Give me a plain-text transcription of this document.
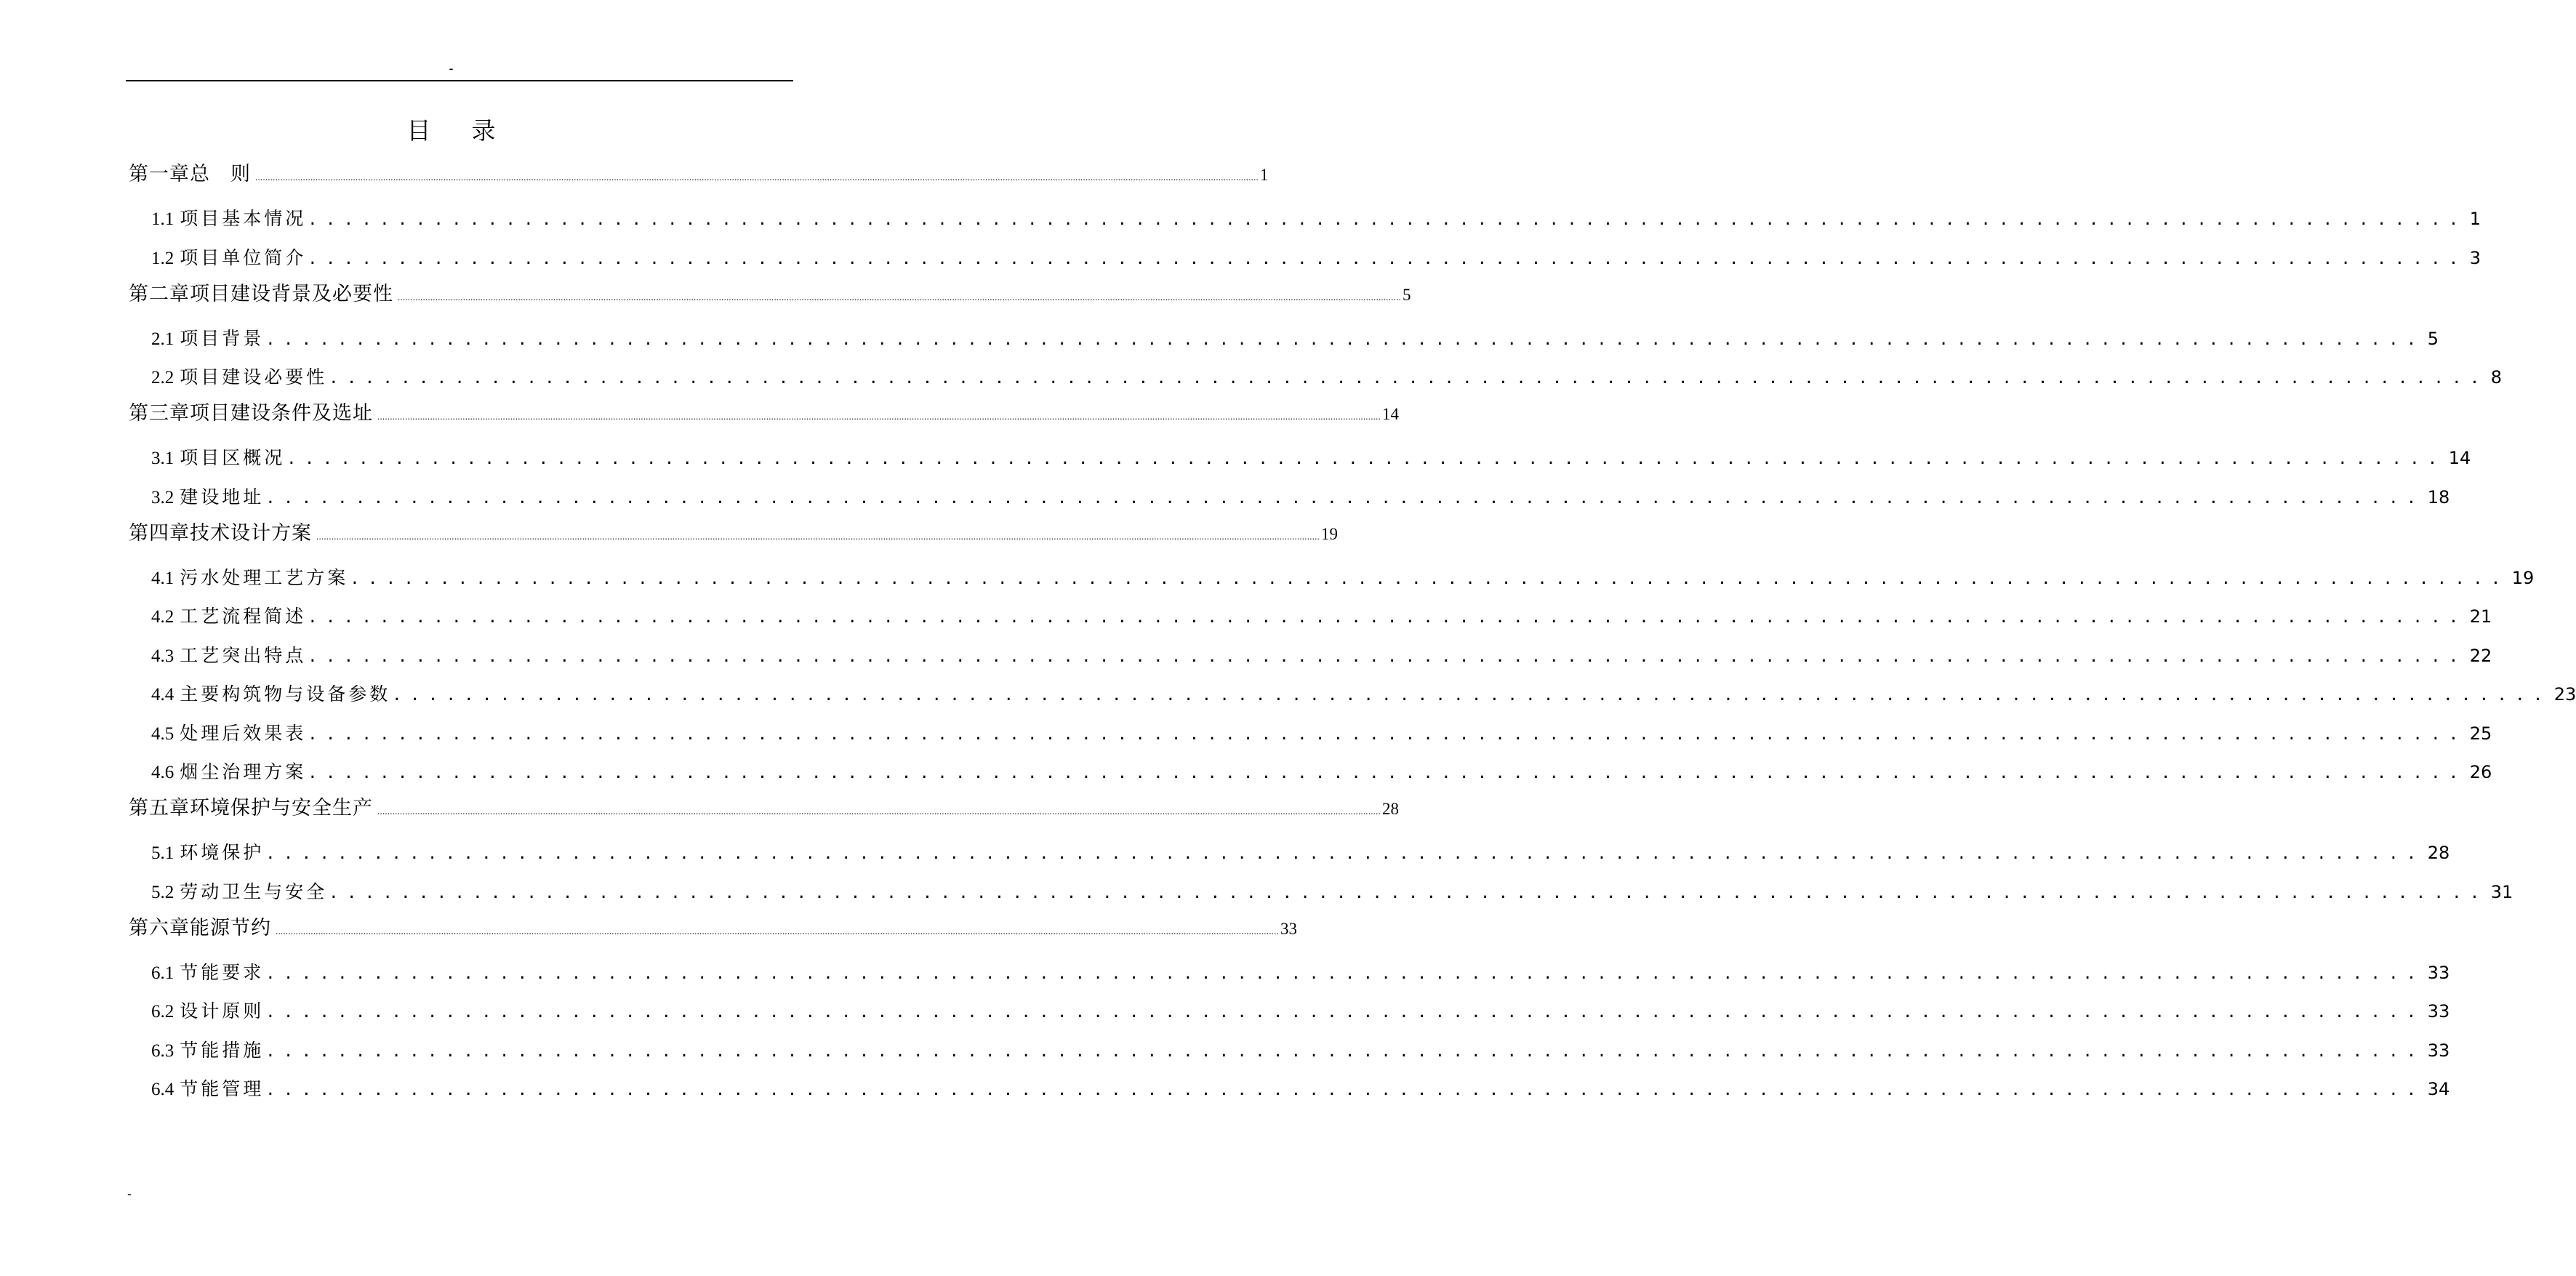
-
目录
第一章 总　则 ................................................................................................................................................................................................................................................................................................................................................................................................................ 1
1.1 项目基本情况 ........................................................................................................................ 1
1.2 项目单位简介 ........................................................................................................................ 3
第二章 项目建设背景及必要性 ................................................................................................................................................................................................................................................................................................................................................................................................................ 5
2.1 项目背景 ........................................................................................................................ 5
2.2 项目建设必要性 ........................................................................................................................ 8
第三章 项目建设条件及选址 ................................................................................................................................................................................................................................................................................................................................................................................................................ 14
3.1 项目区概况 ........................................................................................................................ 14
3.2 建设地址 ........................................................................................................................ 18
第四章 技术设计方案 ................................................................................................................................................................................................................................................................................................................................................................................................................ 19
4.1 污水处理工艺方案 ........................................................................................................................ 19
4.2 工艺流程简述 ........................................................................................................................ 21
4.3 工艺突出特点 ........................................................................................................................ 22
4.4 主要构筑物与设备参数 ........................................................................................................................ 23
4.5 处理后效果表 ........................................................................................................................ 25
4.6 烟尘治理方案 ........................................................................................................................ 26
第五章 环境保护与安全生产 ................................................................................................................................................................................................................................................................................................................................................................................................................ 28
5.1 环境保护 ........................................................................................................................ 28
5.2 劳动卫生与安全 ........................................................................................................................ 31
第六章 能源节约 ................................................................................................................................................................................................................................................................................................................................................................................................................ 33
6.1 节能要求 ........................................................................................................................ 33
6.2 设计原则 ........................................................................................................................ 33
6.3 节能措施 ........................................................................................................................ 33
6.4 节能管理 ........................................................................................................................ 34
-
